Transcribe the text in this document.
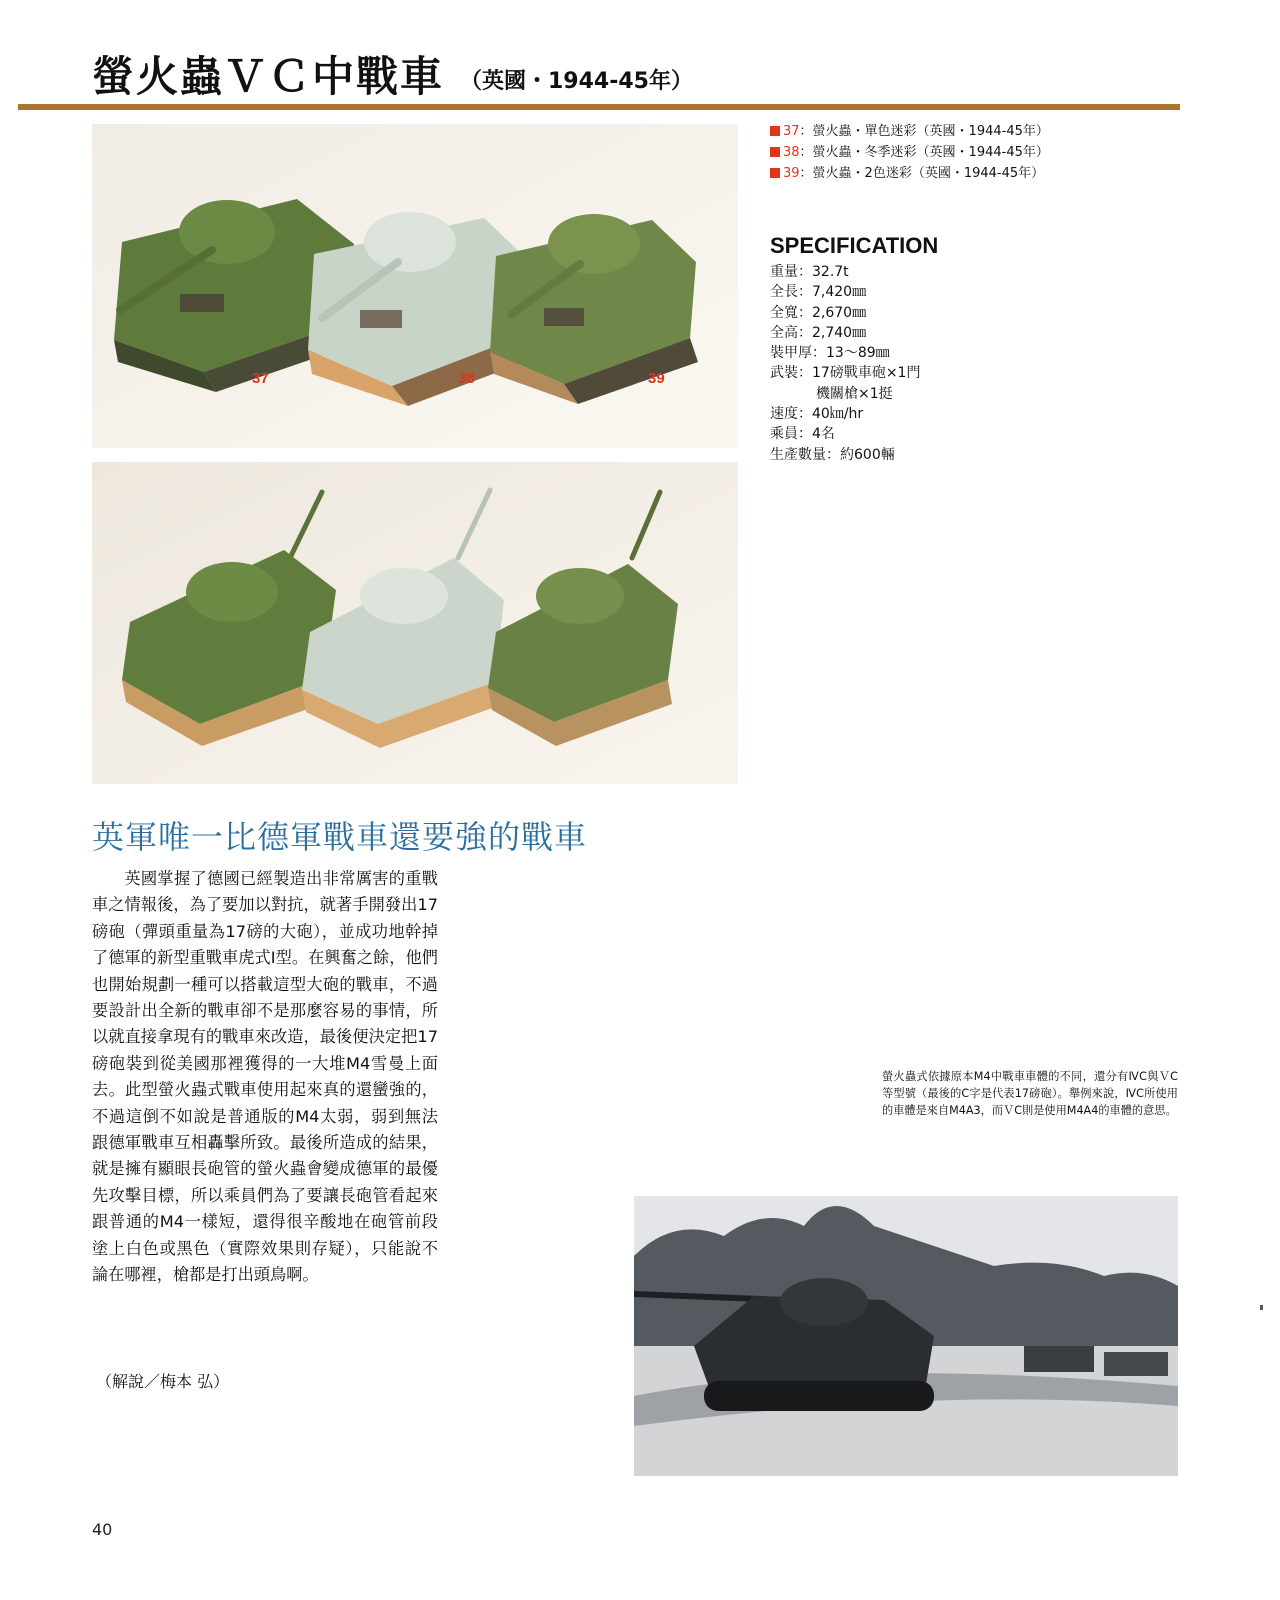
螢火蟲ＶＣ中戰車 （英國・1944-45年）
37	38	39
37：螢火蟲・單色迷彩（英國・1944-45年）
38：螢火蟲・冬季迷彩（英國・1944-45年）
39：螢火蟲・2色迷彩（英國・1944-45年）
SPECIFICATION
重量：32.7t
全長：7,420㎜
全寬：2,670㎜
全高：2,740㎜
裝甲厚：13〜89㎜
武裝：17磅戰車砲×1門
機關槍×1挺
速度：40㎞/hr
乘員：4名
生產數量：約600輛
英軍唯一比德軍戰車還要強的戰車

英國掌握了德國已經製造出非常厲害的重戰車之情報後，為了要加以對抗，就著手開發出17磅砲（彈頭重量為17磅的大砲），並成功地幹掉了德軍的新型重戰車虎式Ⅰ型。在興奮之餘，他們也開始規劃一種可以搭載這型大砲的戰車，不過要設計出全新的戰車卻不是那麼容易的事情，所以就直接拿現有的戰車來改造，最後便決定把17磅砲裝到從美國那裡獲得的一大堆M4雪曼上面去。此型螢火蟲式戰車使用起來真的還蠻強的，不過這倒不如說是普通版的M4太弱，弱到無法跟德軍戰車互相轟擊所致。最後所造成的結果，就是擁有顯眼長砲管的螢火蟲會變成德軍的最優先攻擊目標，所以乘員們為了要讓長砲管看起來跟普通的M4一樣短，還得很辛酸地在砲管前段塗上白色或黑色（實際效果則存疑），只能說不論在哪裡，槍都是打出頭鳥啊。

（解說／梅本 弘）
螢火蟲式依據原本M4中戰車車體的不同，還分有ⅣC與ＶC等型號（最後的C字是代表17磅砲）。舉例來說，ⅣC所使用的車體是來自M4A3，而ＶC則是使用M4A4的車體的意思。
40
